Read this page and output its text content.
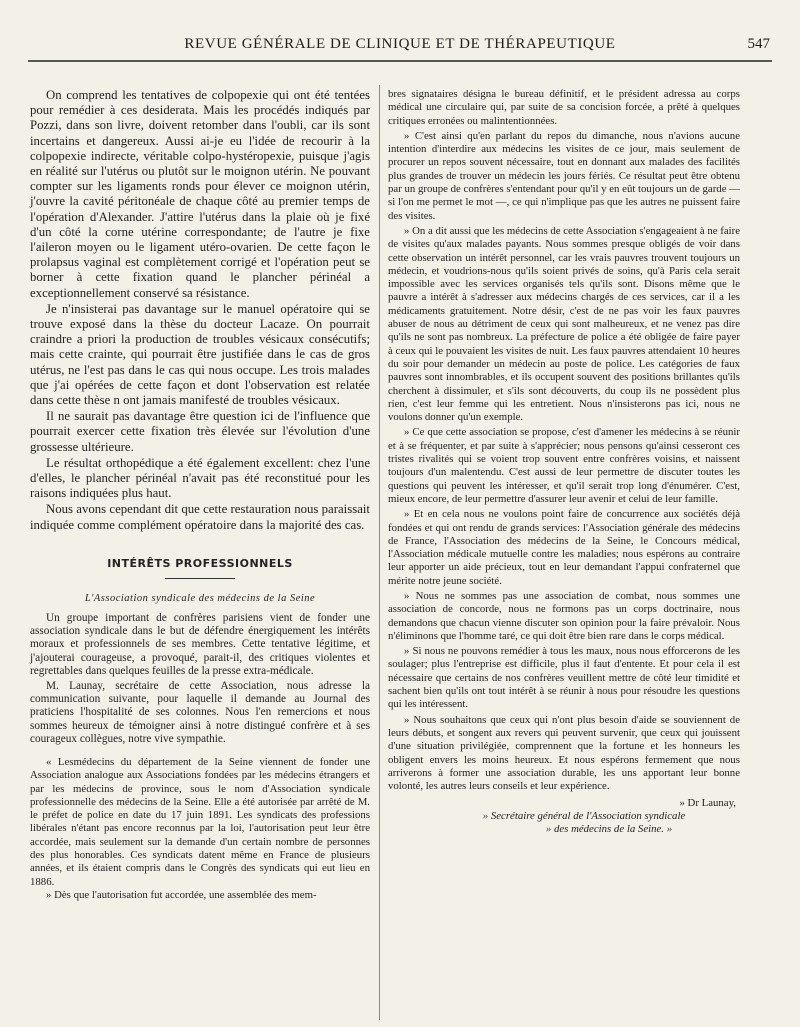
REVUE GÉNÉRALE DE CLINIQUE ET DE THÉRAPEUTIQUE	547

On comprend les tentatives de colpopexie qui ont été tentées pour remédier à ces desiderata. Mais les procédés indiqués par Pozzi, dans son livre, doivent retomber dans l'oubli, car ils sont incertains et dangereux. Aussi ai-je eu l'idée de recourir à la colpopexie indirecte, véritable colpo-hystéropexie, puisque j'agis en réalité sur l'utérus ou plutôt sur le moignon utérin. Ne pouvant compter sur les ligaments ronds pour élever ce moignon utérin, j'ouvre la cavité péritonéale de chaque côté au premier temps de l'opération d'Alexander. J'attire l'utérus dans la plaie où je fixé d'un côté la corne utérine correspondante; de l'autre je fixe l'aileron moyen ou le ligament utéro-ovarien. De cette façon le prolapsus vaginal est complètement corrigé et l'opération peut se borner à cette fixation quand le plancher périnéal a exceptionnellement conservé sa résistance.

Je n'insisterai pas davantage sur le manuel opératoire qui se trouve exposé dans la thèse du docteur Lacaze. On pourrait craindre a priori la production de troubles vésicaux consécutifs; mais cette crainte, qui pourrait être justifiée dans le cas de gros utérus, ne l'est pas dans le cas qui nous occupe. Les trois malades que j'ai opérées de cette façon et dont l'observation est relatée dans cette thèse n ont jamais manifesté de troubles vésicaux.

Il ne saurait pas davantage être question ici de l'influence que pourrait exercer cette fixation très élevée sur l'évolution d'une grossesse ultérieure.

Le résultat orthopédique a été également excellent: chez l'une d'elles, le plancher périnéal n'avait pas été reconstitué pour les raisons indiquées plus haut.

Nous avons cependant dit que cette restauration nous paraissait indiquée comme complément opératoire dans la majorité des cas.

INTÉRÊTS PROFESSIONNELS
L'Association syndicale des médecins de la Seine

Un groupe important de confrères parisiens vient de fonder une association syndicale dans le but de défendre énergiquement les intérêts moraux et professionnels de ses membres. Cette tentative légitime, et j'ajouterai courageuse, a provoqué, parait-il, des critiques violentes et regrettables dans quelques feuilles de la presse extra-médicale.

M. Launay, secrétaire de cette Association, nous adresse la communication suivante, pour laquelle il demande au Journal des praticiens l'hospitalité de ses colonnes. Nous l'en remercions et nous sommes heureux de témoigner ainsi à notre distingué confrère et à ses courageux collègues, notre vive sympathie.

« Lesmédecins du département de la Seine viennent de fonder une Association analogue aux Associations fondées par les médecins étrangers et par les médecins de province, sous le nom d'Association syndicale professionnelle des médecins de la Seine. Elle a été autorisée par arrêté de M. le préfet de police en date du 17 juin 1891. Les syndicats des professions libérales n'étant pas encore reconnus par la loi, l'autorisation peut leur être accordée, mais seulement sur la demande d'un certain nombre de personnes des plus honorables. Ces syndicats datent même en France de plusieurs années, et ils étaient compris dans le Congrès des syndicats qui eut lieu en 1886.

» Dès que l'autorisation fut accordée, une assemblée des mem-

bres signataires désigna le bureau définitif, et le président adressa au corps médical une circulaire qui, par suite de sa concision forcée, a prêté à quelques critiques erronées ou malintentionnées.

» C'est ainsi qu'en parlant du repos du dimanche, nous n'avions aucune intention d'interdire aux médecins les visites de ce jour, mais seulement de procurer un repos souvent nécessaire, tout en donnant aux malades des facilités plus grandes de trouver un médecin les jours fériés. Ce résultat peut être obtenu par un groupe de confrères s'entendant pour qu'il y en eût toujours un de garde — si l'on me permet le mot —, ce qui n'implique pas que les autres ne puissent faire des visites.

» On a dit aussi que les médecins de cette Association s'engageaient à ne faire de visites qu'aux malades payants. Nous sommes presque obligés de voir dans cette observation un intérêt personnel, car les vrais pauvres trouvent toujours un médecin, et voudrions-nous qu'ils soient privés de soins, qu'à Paris cela serait impossible avec les services organisés tels qu'ils sont. Disons même que le pauvre a intérêt à s'adresser aux médecins chargés de ces services, car il a les médicaments gratuitement. Notre désir, c'est de ne pas voir les faux pauvres abuser de nous au détriment de ceux qui sont malheureux, et ne venez pas dire qu'ils ne sont pas nombreux. La préfecture de police a été obligée de faire payer à ceux qui le pouvaient les visites de nuit. Les faux pauvres attendaient 10 heures du soir pour demander un médecin au poste de police. Les catégories de faux pauvres sont innombrables, et ils occupent souvent des positions brillantes qu'ils cherchent à dissimuler, et s'ils sont découverts, du coup ils ne possèdent plus rien, c'est leur femme qui les entretient. Nous n'insisterons pas ici, nous ne voulons donner qu'un exemple.

» Ce que cette association se propose, c'est d'amener les médecins à se réunir et à se fréquenter, et par suite à s'apprécier; nous pensons qu'ainsi cesseront ces tristes rivalités qui se voient trop souvent entre confrères voisins, et naissent toujours d'un malentendu. C'est aussi de leur permettre de discuter toutes les questions qui peuvent les intéresser, et qu'il serait trop long d'énumérer. C'est, mieux encore, de leur permettre d'assurer leur avenir et celui de leur famille.

» Et en cela nous ne voulons point faire de concurrence aux sociétés déjà fondées et qui ont rendu de grands services: l'Association générale des médecins de France, l'Association des médecins de la Seine, le Concours médical, l'Association médicale mutuelle contre les maladies; nous espérons au contraire leur apporter un aide précieux, tout en leur demandant l'appui confraternel que mérite notre jeune société.

» Nous ne sommes pas une association de combat, nous sommes une association de concorde, nous ne formons pas un corps doctrinaire, nous demandons que chacun vienne discuter son opinion pour la faire prévaloir. Nous n'éliminons que l'homme taré, ce qui doit être bien rare dans le corps médical.

» Si nous ne pouvons remédier à tous les maux, nous nous efforcerons de les soulager; plus l'entreprise est difficile, plus il faut d'entente. Et pour cela il est nécessaire que certains de nos confrères veuillent mettre de côté leur timidité et sachent bien qu'ils ont tout intérêt à se réunir à nous pour résoudre les questions qui les intéressent.

» Nous souhaitons que ceux qui n'ont plus besoin d'aide se souviennent de leurs débuts, et songent aux revers qui peuvent survenir, que ceux qui jouissent d'une situation privilégiée, comprennent que la fortune et les honneurs les obligent envers les moins heureux. Et nous espérons fermement que nous arriverons à former une association durable, les uns apportant leur bonne volonté, les autres leurs conseils et leur expérience.

» Dr Launay,
» Secrétaire général de l'Association syndicale
» des médecins de la Seine. »
